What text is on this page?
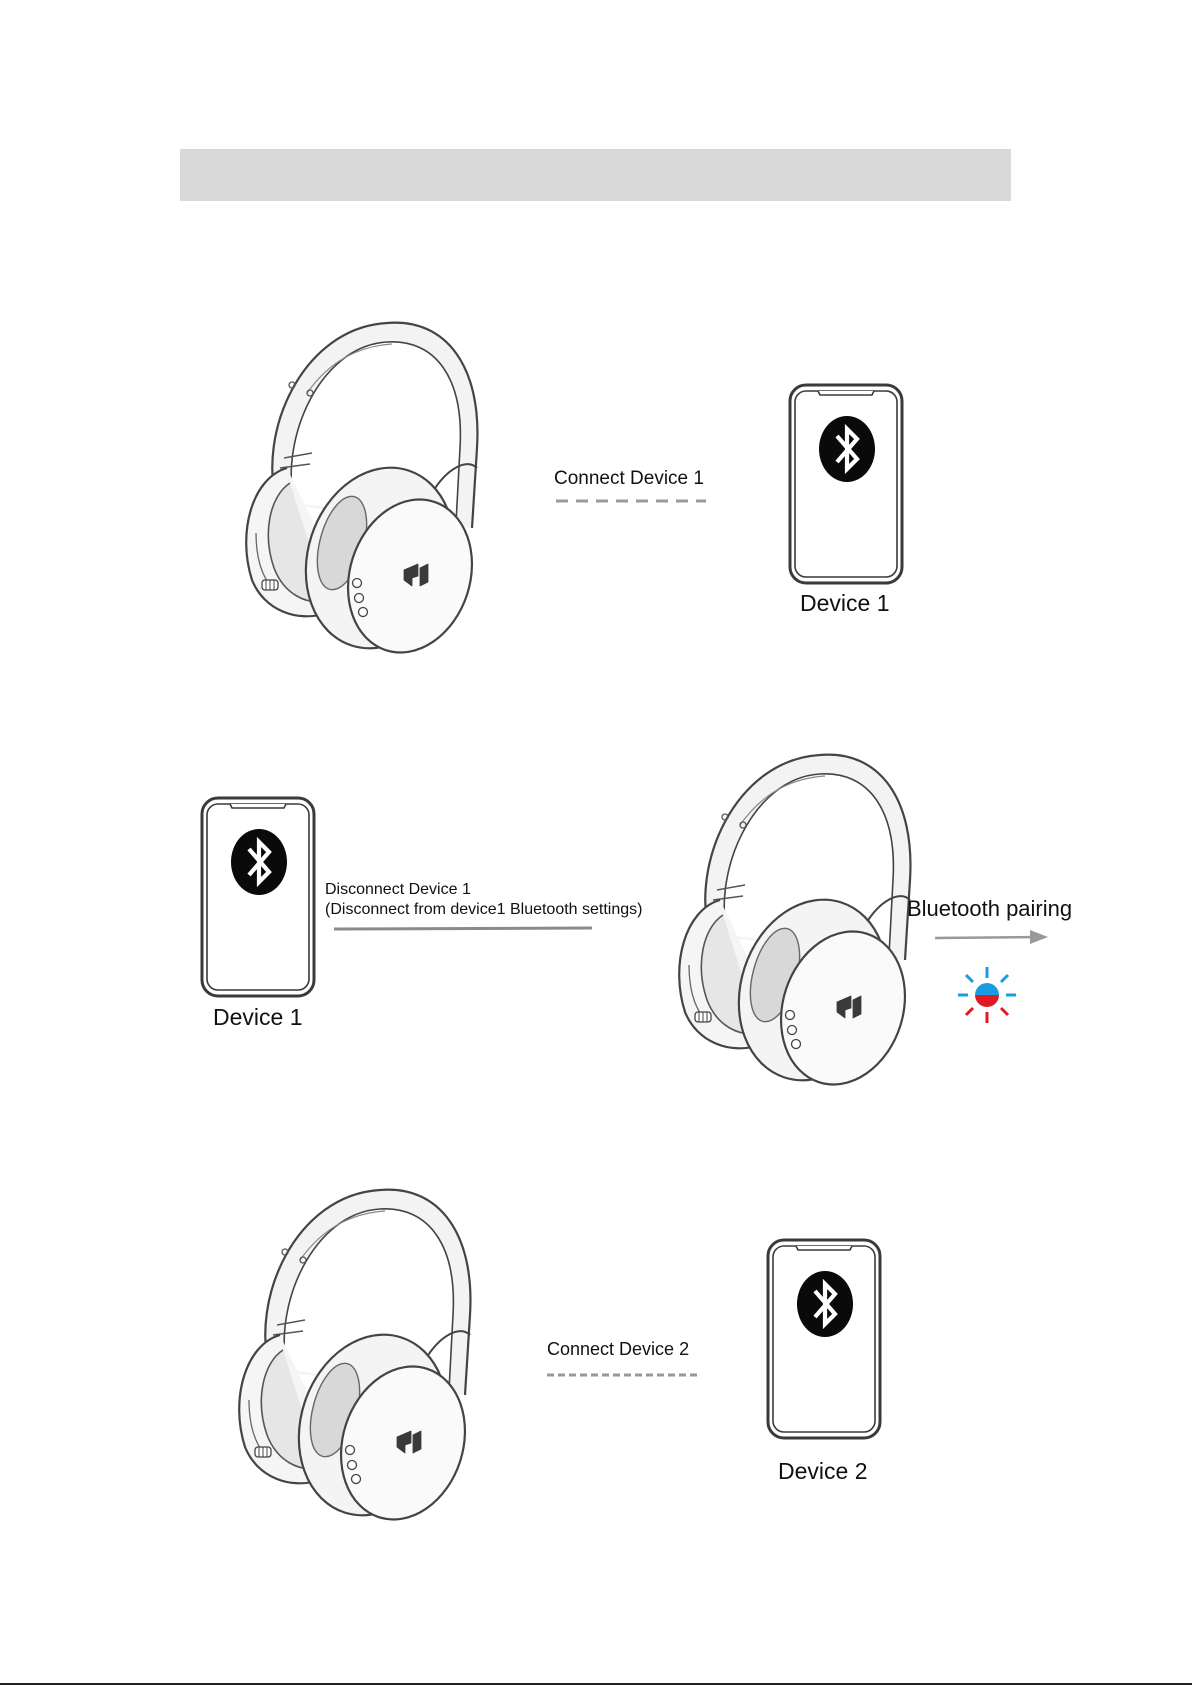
Connect Device 1
Device 1
Disconnect Device 1
(Disconnect from device1 Bluetooth settings)
Device 1
Bluetooth pairing
Connect Device 2
Device 2
